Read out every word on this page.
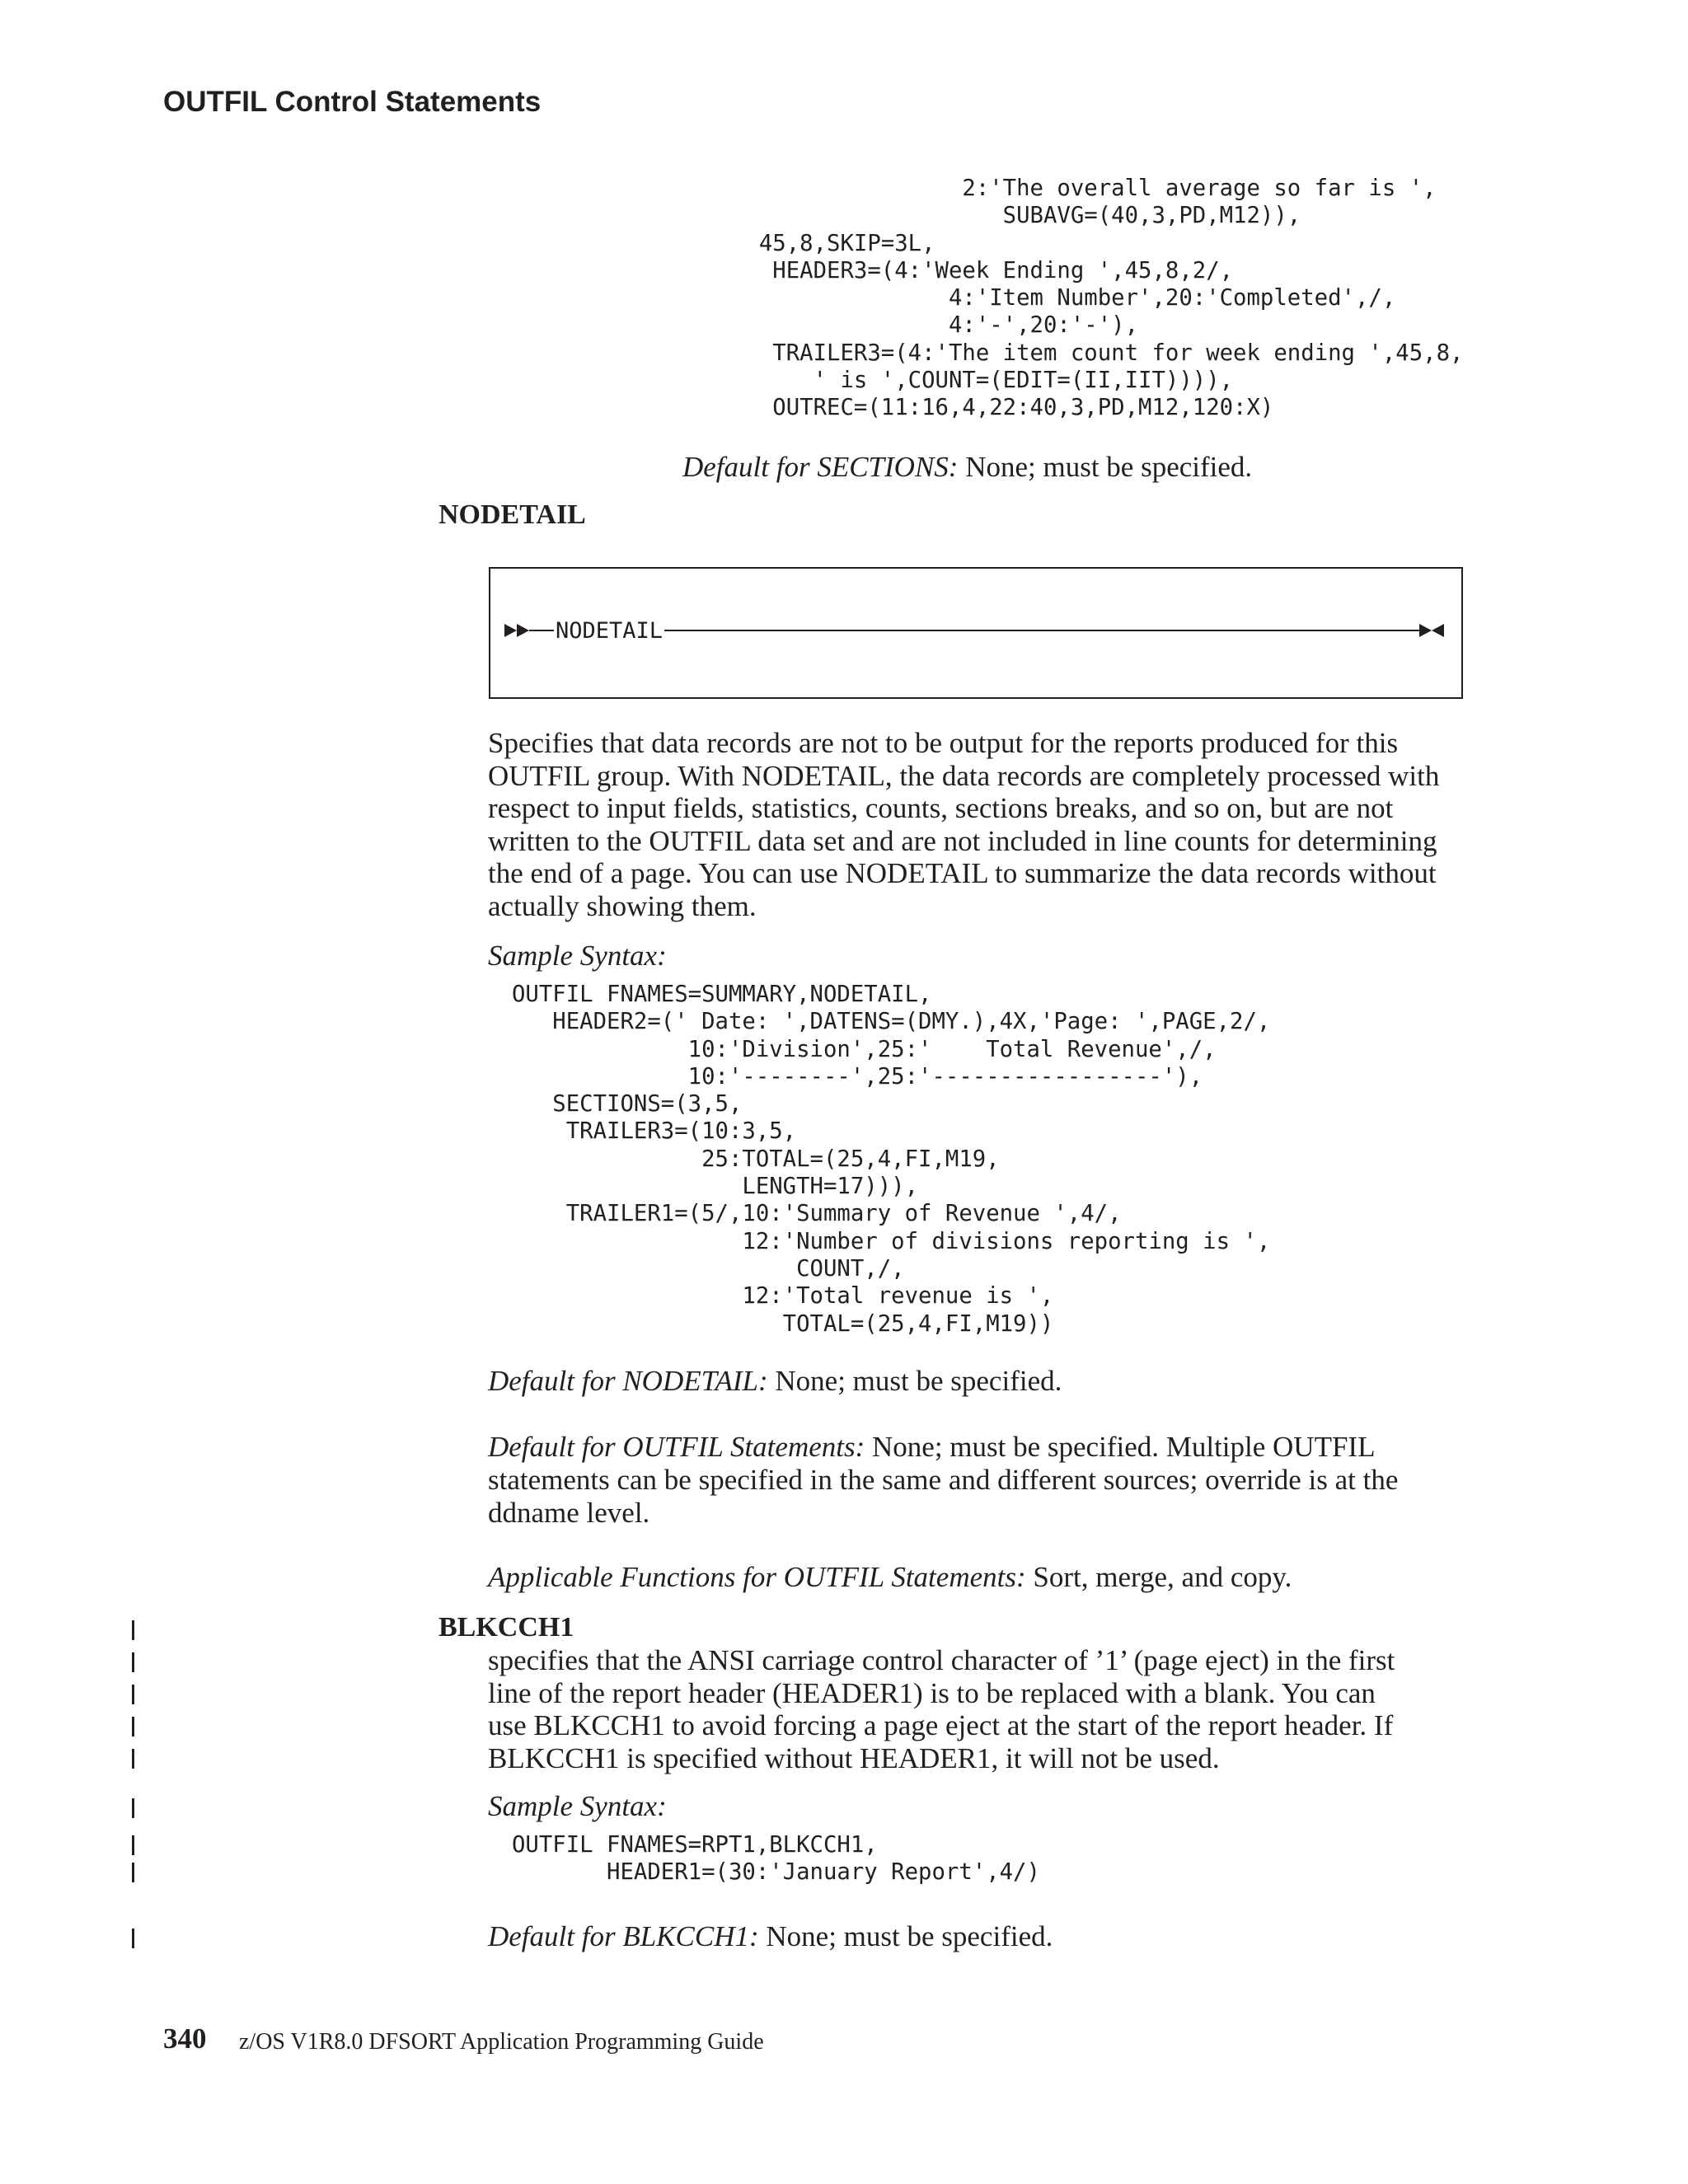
OUTFIL Control Statements
2:'The overall average so far is ',
SUBAVG=(40,3,PD,M12)),
45,8,SKIP=3L,
HEADER3=(4:'Week Ending ',45,8,2/,
4:'Item Number',20:'Completed',/,
4:'-',20:'-'),
TRAILER3=(4:'The item count for week ending ',45,8,
' is ',COUNT=(EDIT=(II,IIT)))),
OUTREC=(11:16,4,22:40,3,PD,M12,120:X)
Default for SECTIONS: None; must be specified.
NODETAIL
NODETAIL
Specifies that data records are not to be output for the reports produced for this OUTFIL group. With NODETAIL, the data records are completely processed with respect to input fields, statistics, counts, sections breaks, and so on, but are not written to the OUTFIL data set and are not included in line counts for determining the end of a page. You can use NODETAIL to summarize the data records without actually showing them.
Sample Syntax:
OUTFIL FNAMES=SUMMARY,NODETAIL,
HEADER2=(' Date: ',DATENS=(DMY.),4X,'Page: ',PAGE,2/,
10:'Division',25:'    Total Revenue',/,
10:'--------',25:'-----------------'),
SECTIONS=(3,5,
TRAILER3=(10:3,5,
25:TOTAL=(25,4,FI,M19,
LENGTH=17))),
TRAILER1=(5/,10:'Summary of Revenue ',4/,
12:'Number of divisions reporting is ',
COUNT,/,
12:'Total revenue is ',
TOTAL=(25,4,FI,M19))
Default for NODETAIL: None; must be specified.
Default for OUTFIL Statements: None; must be specified. Multiple OUTFIL
statements can be specified in the same and different sources; override is at the
ddname level.
Applicable Functions for OUTFIL Statements: Sort, merge, and copy.
BLKCCH1
specifies that the ANSI carriage control character of ’1’ (page eject) in the first
line of the report header (HEADER1) is to be replaced with a blank. You can
use BLKCCH1 to avoid forcing a page eject at the start of the report header. If
BLKCCH1 is specified without HEADER1, it will not be used.
Sample Syntax:
OUTFIL FNAMES=RPT1,BLKCCH1,
HEADER1=(30:'January Report',4/)
Default for BLKCCH1: None; must be specified.
340 z/OS V1R8.0 DFSORT Application Programming Guide
